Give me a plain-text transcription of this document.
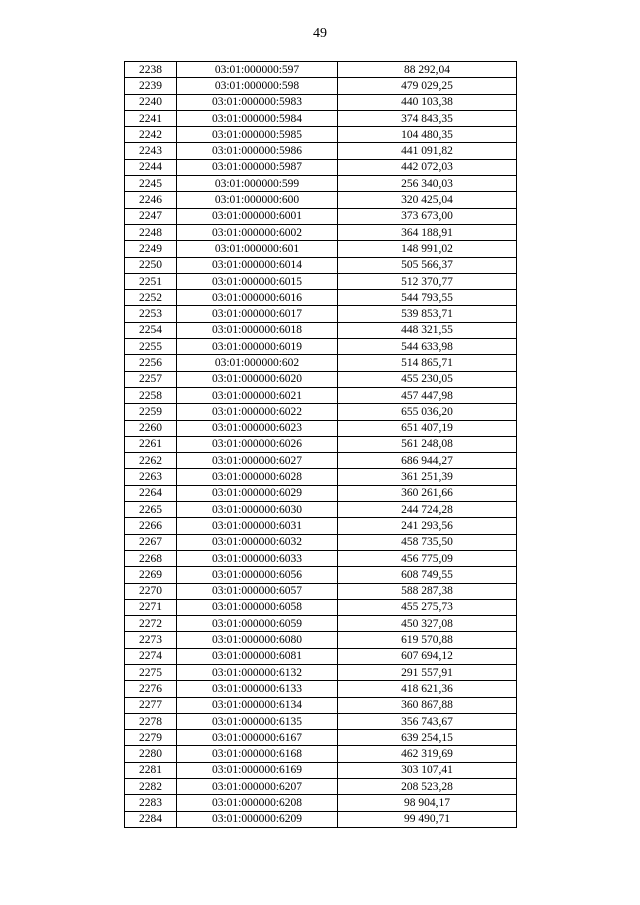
49
2238	03:01:000000:597	88 292,04
2239	03:01:000000:598	479 029,25
2240	03:01:000000:5983	440 103,38
2241	03:01:000000:5984	374 843,35
2242	03:01:000000:5985	104 480,35
2243	03:01:000000:5986	441 091,82
2244	03:01:000000:5987	442 072,03
2245	03:01:000000:599	256 340,03
2246	03:01:000000:600	320 425,04
2247	03:01:000000:6001	373 673,00
2248	03:01:000000:6002	364 188,91
2249	03:01:000000:601	148 991,02
2250	03:01:000000:6014	505 566,37
2251	03:01:000000:6015	512 370,77
2252	03:01:000000:6016	544 793,55
2253	03:01:000000:6017	539 853,71
2254	03:01:000000:6018	448 321,55
2255	03:01:000000:6019	544 633,98
2256	03:01:000000:602	514 865,71
2257	03:01:000000:6020	455 230,05
2258	03:01:000000:6021	457 447,98
2259	03:01:000000:6022	655 036,20
2260	03:01:000000:6023	651 407,19
2261	03:01:000000:6026	561 248,08
2262	03:01:000000:6027	686 944,27
2263	03:01:000000:6028	361 251,39
2264	03:01:000000:6029	360 261,66
2265	03:01:000000:6030	244 724,28
2266	03:01:000000:6031	241 293,56
2267	03:01:000000:6032	458 735,50
2268	03:01:000000:6033	456 775,09
2269	03:01:000000:6056	608 749,55
2270	03:01:000000:6057	588 287,38
2271	03:01:000000:6058	455 275,73
2272	03:01:000000:6059	450 327,08
2273	03:01:000000:6080	619 570,88
2274	03:01:000000:6081	607 694,12
2275	03:01:000000:6132	291 557,91
2276	03:01:000000:6133	418 621,36
2277	03:01:000000:6134	360 867,88
2278	03:01:000000:6135	356 743,67
2279	03:01:000000:6167	639 254,15
2280	03:01:000000:6168	462 319,69
2281	03:01:000000:6169	303 107,41
2282	03:01:000000:6207	208 523,28
2283	03:01:000000:6208	98 904,17
2284	03:01:000000:6209	99 490,71
